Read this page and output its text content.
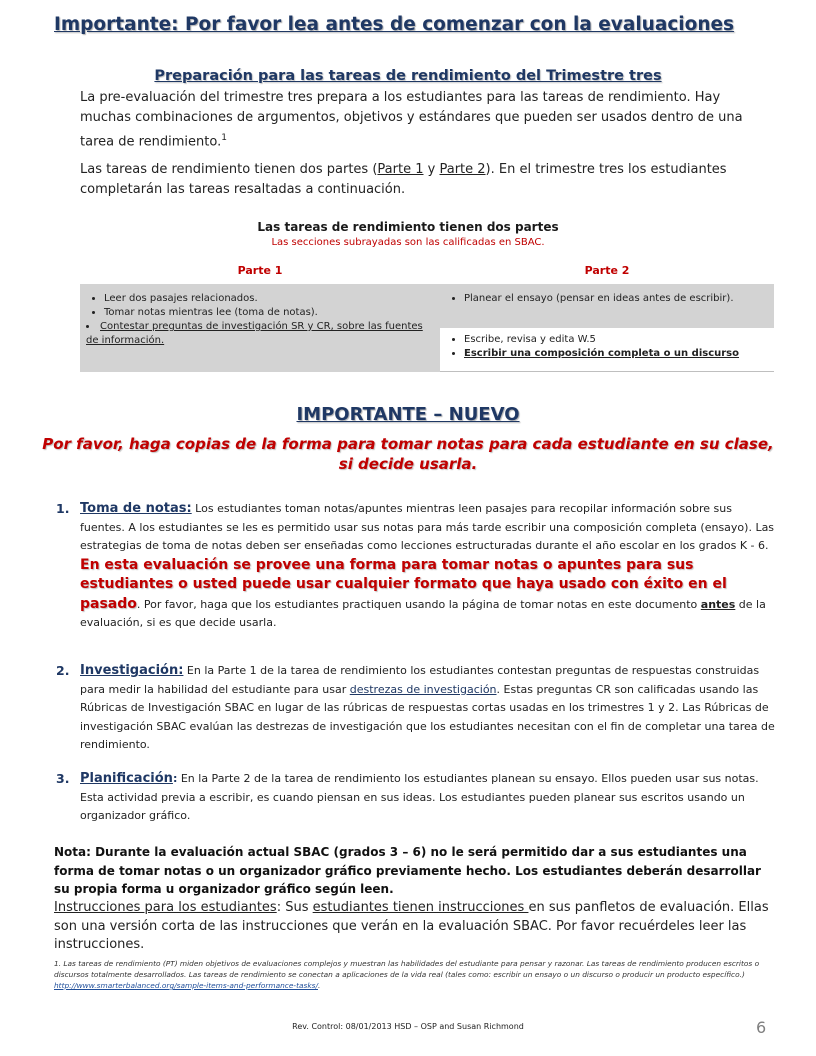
Importante: Por favor lea antes de comenzar con la evaluaciones
Preparación para las tareas de rendimiento del Trimestre tres
La pre-evaluación del trimestre tres prepara a los estudiantes para las tareas de rendimiento. Hay muchas combinaciones de argumentos, objetivos y estándares que pueden ser usados dentro de una tarea de rendimiento.$^1$
Las tareas de rendimiento tienen dos partes (Parte 1 y Parte 2). En el trimestre tres los estudiantes completarán las tareas resaltadas a continuación.
Las tareas de rendimiento tienen dos partes
Las secciones subrayadas son las calificadas en SBAC.
Parte 1	Parte 2
• Leer dos pasajes relacionados.
• Tomar notas mientras lee (toma de notas).
• Contestar preguntas de investigación SR y CR, sobre las fuentes de información.
• Planear el ensayo (pensar en ideas antes de escribir).
• Escribe, revisa y edita W.5
• Escribir una composición completa o un discurso
IMPORTANTE – NUEVO
Por favor, haga copias de la forma para tomar notas para cada estudiante en su clase, si decide usarla.
1. Toma de notas: Los estudiantes toman notas/apuntes mientras leen pasajes para recopilar información sobre sus fuentes. A los estudiantes se les es permitido usar sus notas para más tarde escribir una composición completa (ensayo). Las estrategias de toma de notas deben ser enseñadas como lecciones estructuradas durante el año escolar en los grados K - 6. En esta evaluación se provee una forma para tomar notas o apuntes para sus estudiantes o usted puede usar cualquier formato que haya usado con éxito en el pasado. Por favor, haga que los estudiantes practiquen usando la página de tomar notas en este documento antes de la evaluación, si es que decide usarla.
2. Investigación: En la Parte 1 de la tarea de rendimiento los estudiantes contestan preguntas de respuestas construidas para medir la habilidad del estudiante para usar destrezas de investigación. Estas preguntas CR son calificadas usando las Rúbricas de Investigación SBAC en lugar de las rúbricas de respuestas cortas usadas en los trimestres 1 y 2. Las Rúbricas de investigación SBAC evalúan las destrezas de investigación que los estudiantes necesitan con el fin de completar una tarea de rendimiento.
3. Planificación: En la Parte 2 de la tarea de rendimiento los estudiantes planean su ensayo. Ellos pueden usar sus notas. Esta actividad previa a escribir, es cuando piensan en sus ideas. Los estudiantes pueden planear sus escritos usando un organizador gráfico.
Nota: Durante la evaluación actual SBAC (grados 3 – 6) no le será permitido dar a sus estudiantes una forma de tomar notas o un organizador gráfico previamente hecho. Los estudiantes deberán desarrollar su propia forma u organizador gráfico según leen.
Instrucciones para los estudiantes: Sus estudiantes tienen instrucciones en sus panfletos de evaluación. Ellas son una versión corta de las instrucciones que verán en la evaluación SBAC. Por favor recuérdeles leer las instrucciones.
1. Las tareas de rendimiento (PT) miden objetivos de evaluaciones complejos y muestran las habilidades del estudiante para pensar y razonar. Las tareas de rendimiento producen escritos o discursos totalmente desarrollados. Las tareas de rendimiento se conectan a aplicaciones de la vida real (tales como: escribir un ensayo o un discurso o producir un producto específico.) http://www.smarterbalanced.org/sample-items-and-performance-tasks/.
Rev. Control: 08/01/2013 HSD – OSP and Susan Richmond	6
